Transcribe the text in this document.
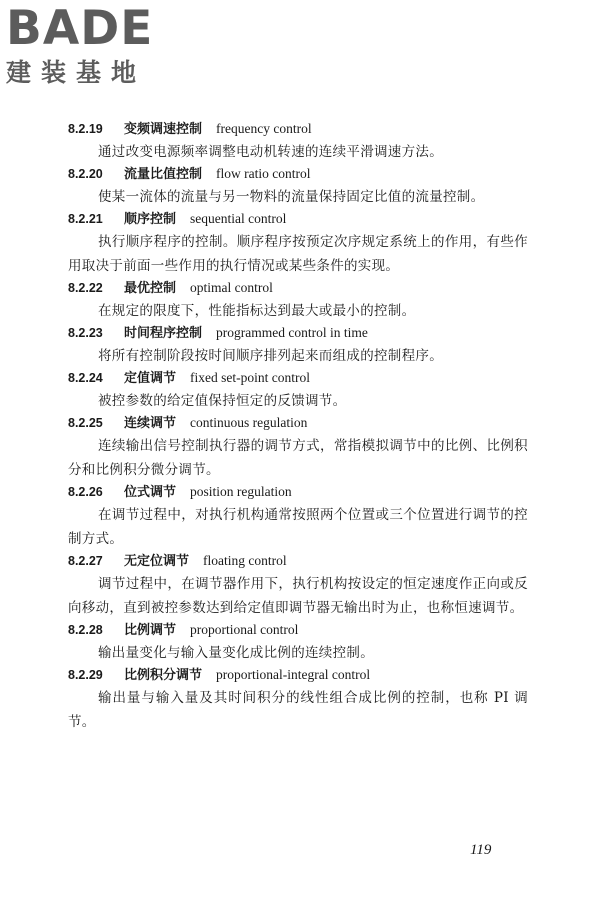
BADE
建装基地
8.2.19 变频调速控制 frequency control

通过改变电源频率调整电动机转速的连续平滑调速方法。

8.2.20 流量比值控制 flow ratio control

使某一流体的流量与另一物料的流量保持固定比值的流量控制。

8.2.21 顺序控制 sequential control

执行顺序程序的控制。顺序程序按预定次序规定系统上的作用，有些作用取决于前面一些作用的执行情况或某些条件的实现。

8.2.22 最优控制 optimal control

在规定的限度下，性能指标达到最大或最小的控制。

8.2.23 时间程序控制 programmed control in time

将所有控制阶段按时间顺序排列起来而组成的控制程序。

8.2.24 定值调节 fixed set-point control

被控参数的给定值保持恒定的反馈调节。

8.2.25 连续调节 continuous regulation

连续输出信号控制执行器的调节方式，常指模拟调节中的比例、比例积分和比例积分微分调节。

8.2.26 位式调节 position regulation

在调节过程中，对执行机构通常按照两个位置或三个位置进行调节的控制方式。

8.2.27 无定位调节 floating control

调节过程中，在调节器作用下，执行机构按设定的恒定速度作正向或反向移动，直到被控参数达到给定值即调节器无输出时为止，也称恒速调节。

8.2.28 比例调节 proportional control

输出量变化与输入量变化成比例的连续控制。

8.2.29 比例积分调节 proportional-integral control

输出量与输入量及其时间积分的线性组合成比例的控制，也称 PI 调节。

119
